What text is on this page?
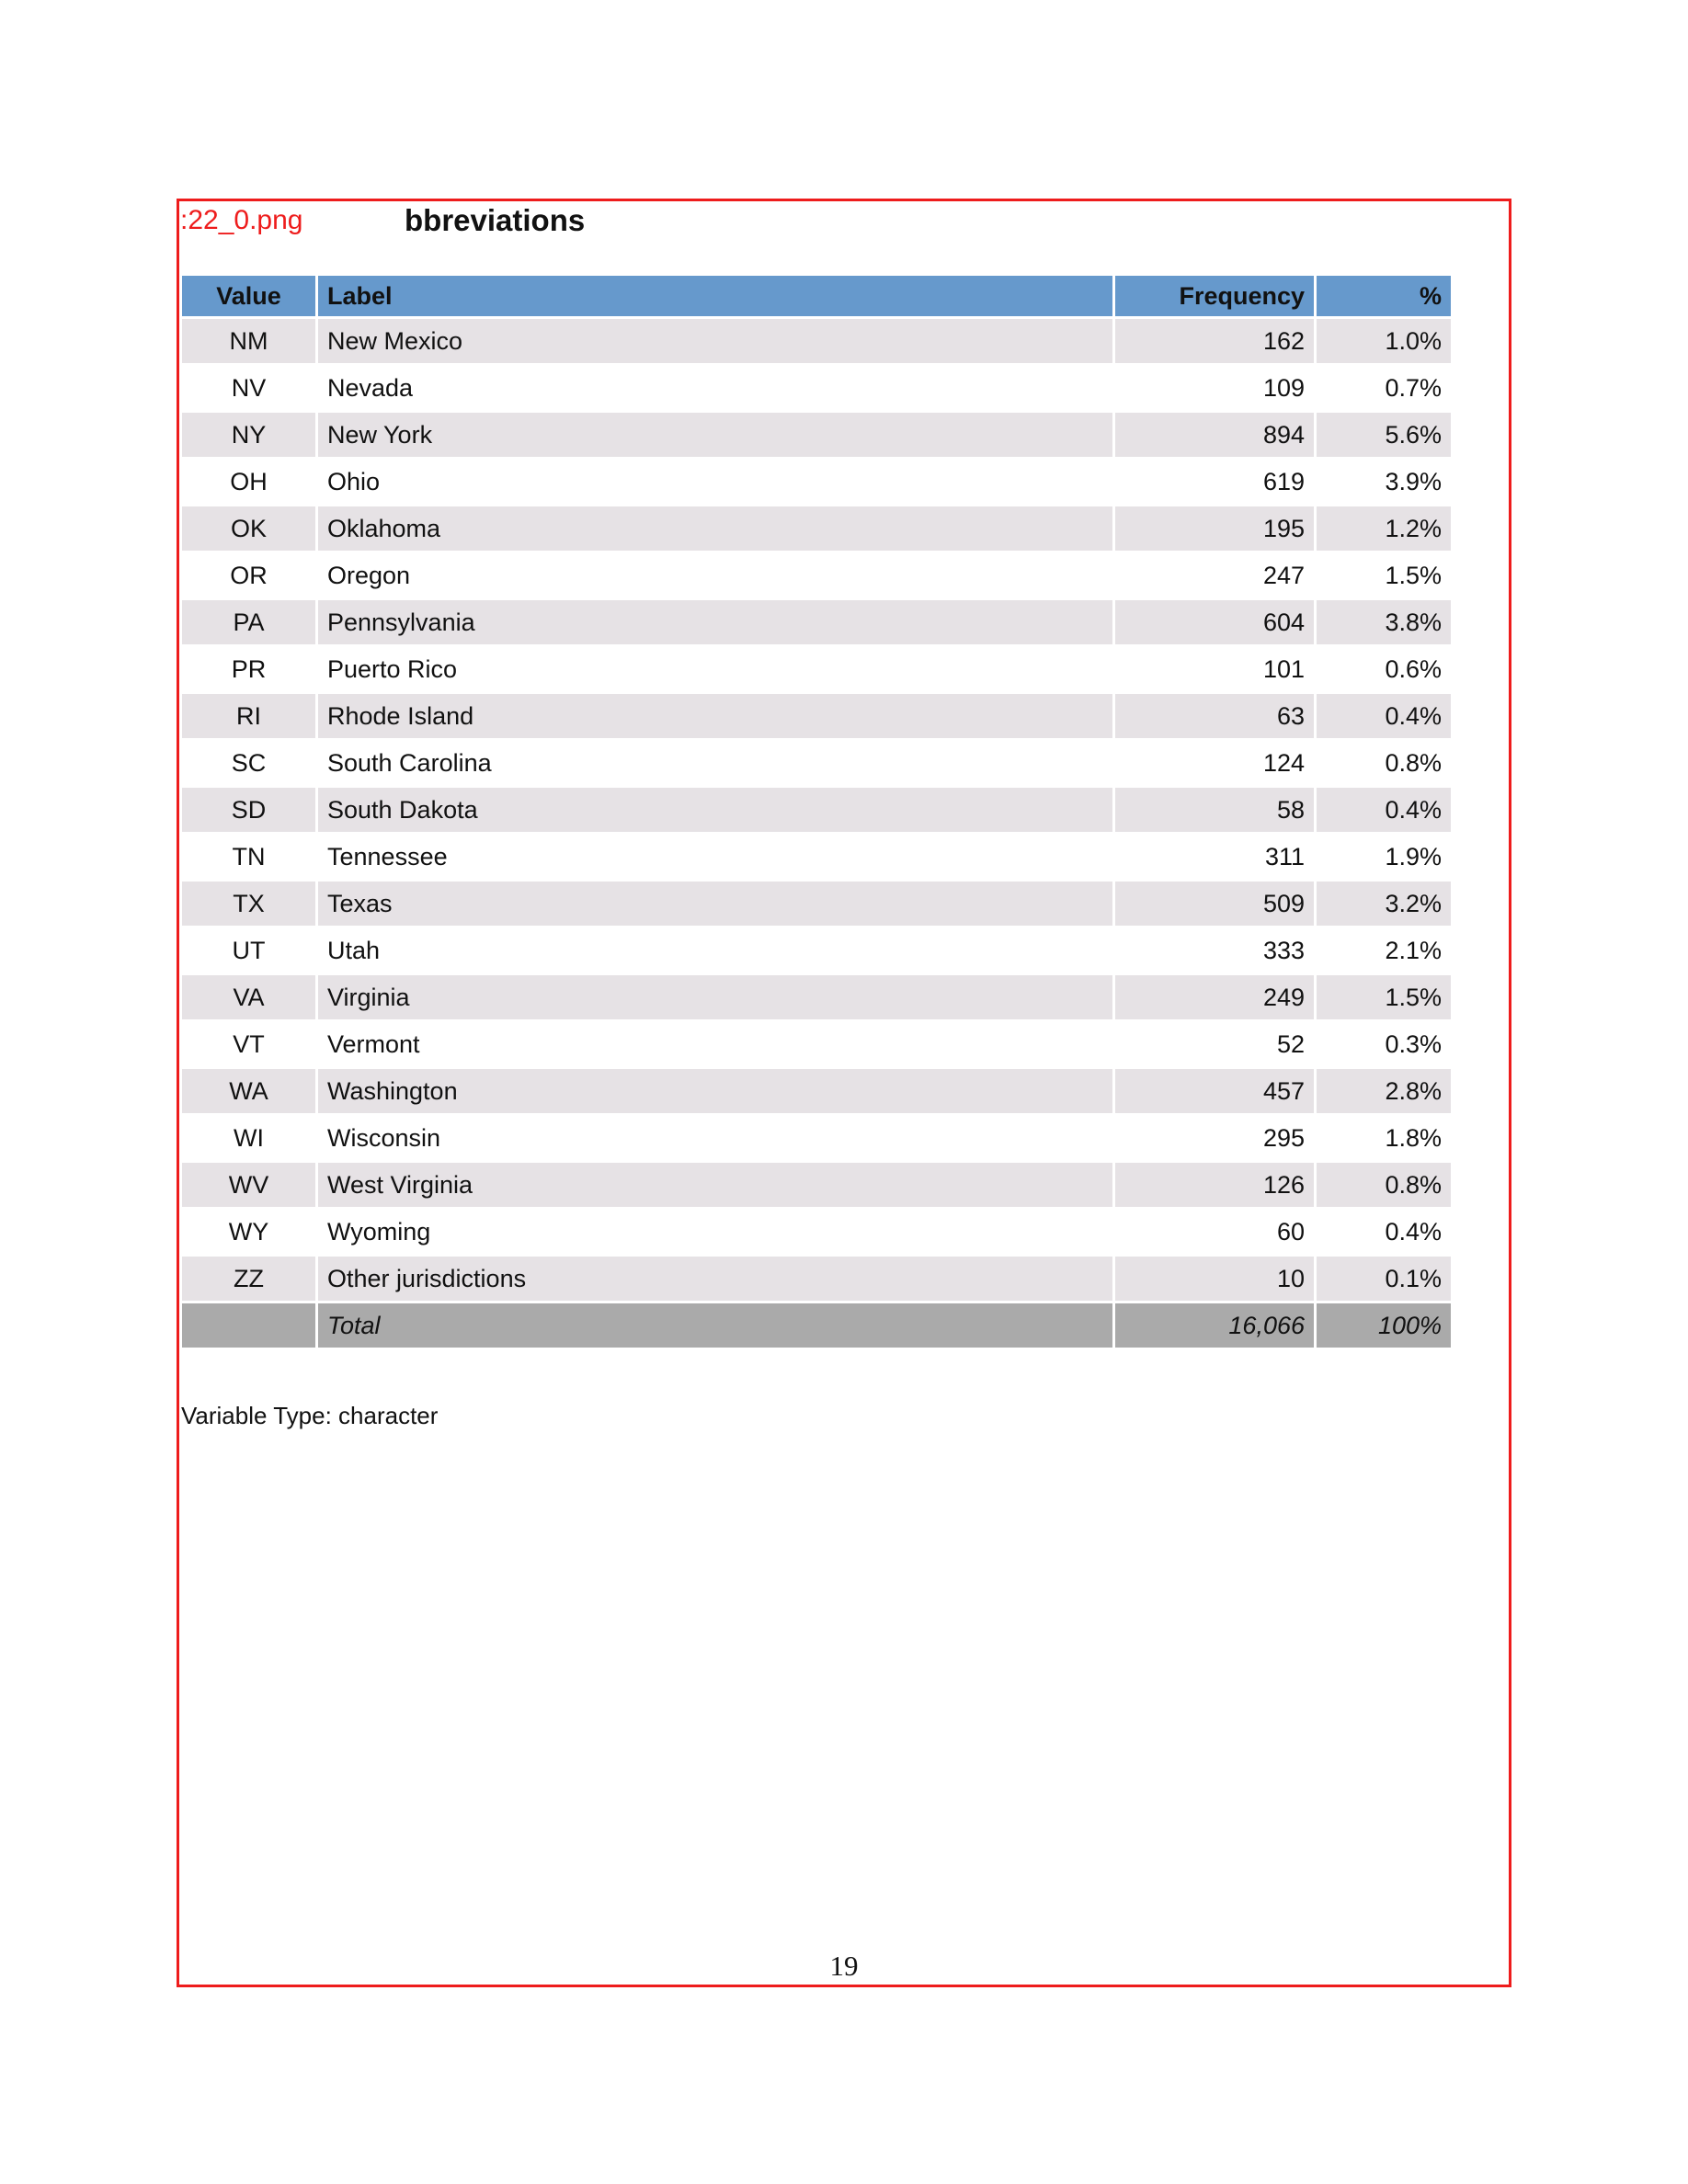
:22_0.png	bbreviations
Value	Label	Frequency	%
NM	New Mexico	162	1.0%
NV	Nevada	109	0.7%
NY	New York	894	5.6%
OH	Ohio	619	3.9%
OK	Oklahoma	195	1.2%
OR	Oregon	247	1.5%
PA	Pennsylvania	604	3.8%
PR	Puerto Rico	101	0.6%
RI	Rhode Island	63	0.4%
SC	South Carolina	124	0.8%
SD	South Dakota	58	0.4%
TN	Tennessee	311	1.9%
TX	Texas	509	3.2%
UT	Utah	333	2.1%
VA	Virginia	249	1.5%
VT	Vermont	52	0.3%
WA	Washington	457	2.8%
WI	Wisconsin	295	1.8%
WV	West Virginia	126	0.8%
WY	Wyoming	60	0.4%
ZZ	Other jurisdictions	10	0.1%
	Total	16,066	100%
Variable Type: character
19
